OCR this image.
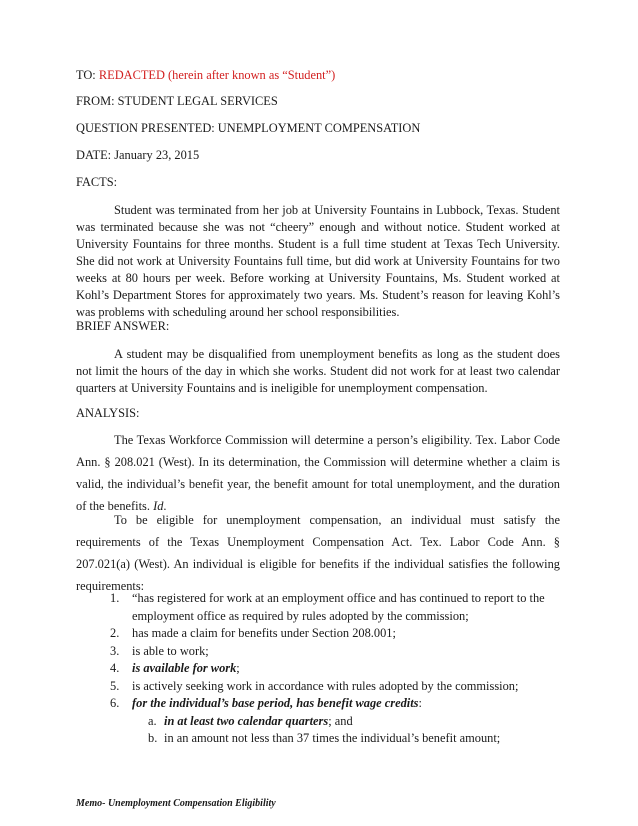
TO: REDACTED (herein after known as “Student”)
FROM: STUDENT LEGAL SERVICES
QUESTION PRESENTED: UNEMPLOYMENT COMPENSATION
DATE: January 23, 2015
FACTS:

Student was terminated from her job at University Fountains in Lubbock, Texas. Student was terminated because she was not “cheery” enough and without notice. Student worked at University Fountains for three months. Student is a full time student at Texas Tech University. She did not work at University Fountains full time, but did work at University Fountains for two weeks at 80 hours per week. Before working at University Fountains, Ms. Student worked at Kohl’s Department Stores for approximately two years. Ms. Student’s reason for leaving Kohl’s was problems with scheduling around her school responsibilities.

BRIEF ANSWER:

A student may be disqualified from unemployment benefits as long as the student does not limit the hours of the day in which she works. Student did not work for at least two calendar quarters at University Fountains and is ineligible for unemployment compensation.

ANALYSIS:

The Texas Workforce Commission will determine a person’s eligibility. Tex. Labor Code Ann. § 208.021 (West). In its determination, the Commission will determine whether a claim is valid, the individual’s benefit year, the benefit amount for total unemployment, and the duration of the benefits. Id.

To be eligible for unemployment compensation, an individual must satisfy the requirements of the Texas Unemployment Compensation Act. Tex. Labor Code Ann. § 207.021(a) (West). An individual is eligible for benefits if the individual satisfies the following requirements:

1. “has registered for work at an employment office and has continued to report to the employment office as required by rules adopted by the commission;
2. has made a claim for benefits under Section 208.001;
3. is able to work;
4. is available for work;
5. is actively seeking work in accordance with rules adopted by the commission;
6. for the individual’s base period, has benefit wage credits:
a. in at least two calendar quarters; and
b. in an amount not less than 37 times the individual’s benefit amount;
Memo- Unemployment Compensation Eligibility
